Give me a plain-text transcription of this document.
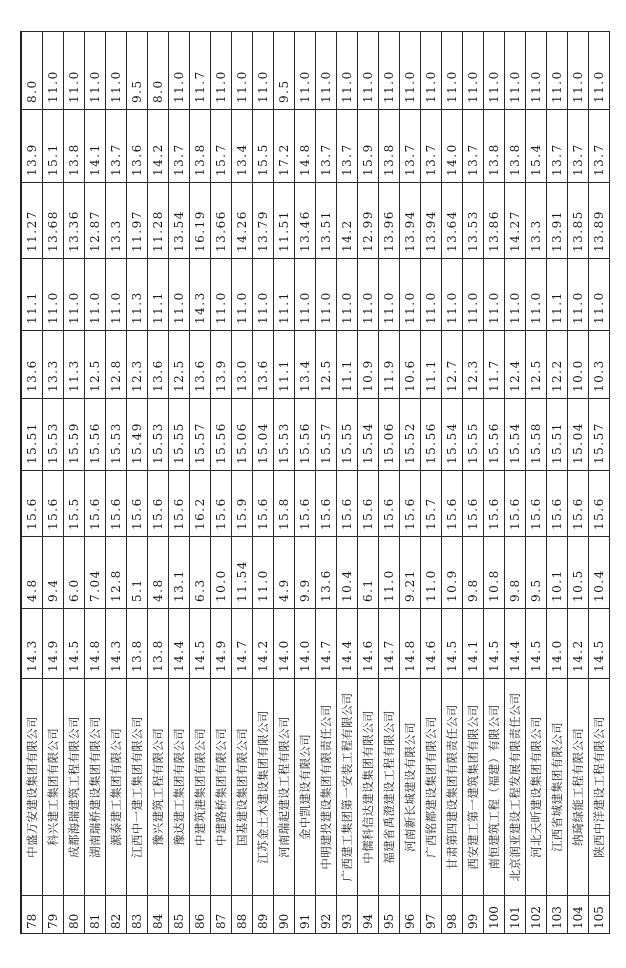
78	中盛万安建设集团有限公司	14.3	4.8	15.6	15.51	13.6	11.1	11.27	13.9	8.0
79	科兴建工集团有限公司	14.9	9.4	15.6	15.53	13.3	11.0	13.68	15.1	11.0
80	成都海瑞建筑工程有限公司	14.5	6.0	15.5	15.59	11.3	11.0	13.36	13.8	11.0
81	湖南瑞桥建设集团有限公司	14.8	7.04	15.6	15.56	12.5	11.0	12.87	14.1	11.0
82	源泰建工集团有限公司	14.3	12.8	15.6	15.53	12.8	11.0	13.3	13.7	11.0
83	江西中一建工集团有限公司	13.8	5.1	15.6	15.49	12.3	11.3	11.97	13.6	9.5
84	豫兴建筑工程有限公司	13.8	4.8	15.6	15.53	13.6	11.1	11.28	14.2	8.0
85	豫达建工集团有限公司	14.4	13.1	15.6	15.55	12.5	11.0	13.54	13.7	11.0
86	中建筑港集团有限公司	14.5	6.3	16.2	15.57	13.6	14.3	16.19	13.8	11.7
87	中建路桥集团有限公司	14.9	10.0	15.6	15.56	13.9	11.0	13.66	15.7	11.0
88	国基建设集团有限公司	14.7	11.54	15.9	15.06	13.0	11.0	14.26	13.4	11.0
89	江苏金土木建设集团有限公司	14.2	11.0	15.6	15.04	13.6	11.0	13.79	15.5	11.0
90	河南瑞起建设工程有限公司	14.0	4.9	15.8	15.53	11.1	11.1	11.51	17.2	9.5
91	金中凯建设有限公司	14.0	9.9	15.6	15.56	13.4	11.0	13.46	14.8	11.0
92	中明建投建设集团有限责任公司	14.7	13.6	15.6	15.57	12.5	11.0	13.51	13.7	11.0
93	广西建工集团第一安装工程有限公司	14.4	10.4	15.6	15.55	11.1	11.0	14.2	13.7	11.0
94	中儒科信达建设集团有限公司	14.6	6.1	15.6	15.54	10.9	11.0	12.99	15.9	11.0
95	福建省禹澄建设工程有限公司	14.7	11.0	15.6	15.06	11.9	11.0	13.96	13.8	11.0
96	河南新长城建设有限公司	14.8	9.21	15.6	15.52	10.6	11.0	13.94	13.7	11.0
97	广西铭都建设集团有限公司	14.6	11.0	15.7	15.56	11.1	11.0	13.94	13.7	11.0
98	甘肃第四建设集团有限责任公司	14.5	10.9	15.6	15.54	12.7	11.0	13.64	14.0	11.0
99	西安建工第一建筑集团有限公司	14.1	9.8	15.6	15.55	12.3	11.0	13.53	13.7	11.0
100	南恒建筑工程（福建）有限公司	14.5	10.8	15.6	15.56	11.7	11.0	13.86	13.8	11.0
101	北京润亚建设工程发展有限责任公司	14.4	9.8	15.6	15.54	12.4	11.0	14.27	13.8	11.0
102	河北天昕建设集团有限公司	14.5	9.5	15.6	15.58	12.5	11.0	13.3	15.4	11.0
103	江西省城建集团有限公司	14.0	10.1	15.6	15.51	12.2	11.1	13.91	13.7	11.0
104	纳琦绿能工程有限公司	14.2	10.5	15.6	15.04	10.0	11.0	13.85	13.7	11.0
105	陕西中洋建设工程有限公司	14.5	10.4	15.6	15.57	10.3	11.0	13.89	13.7	11.0
